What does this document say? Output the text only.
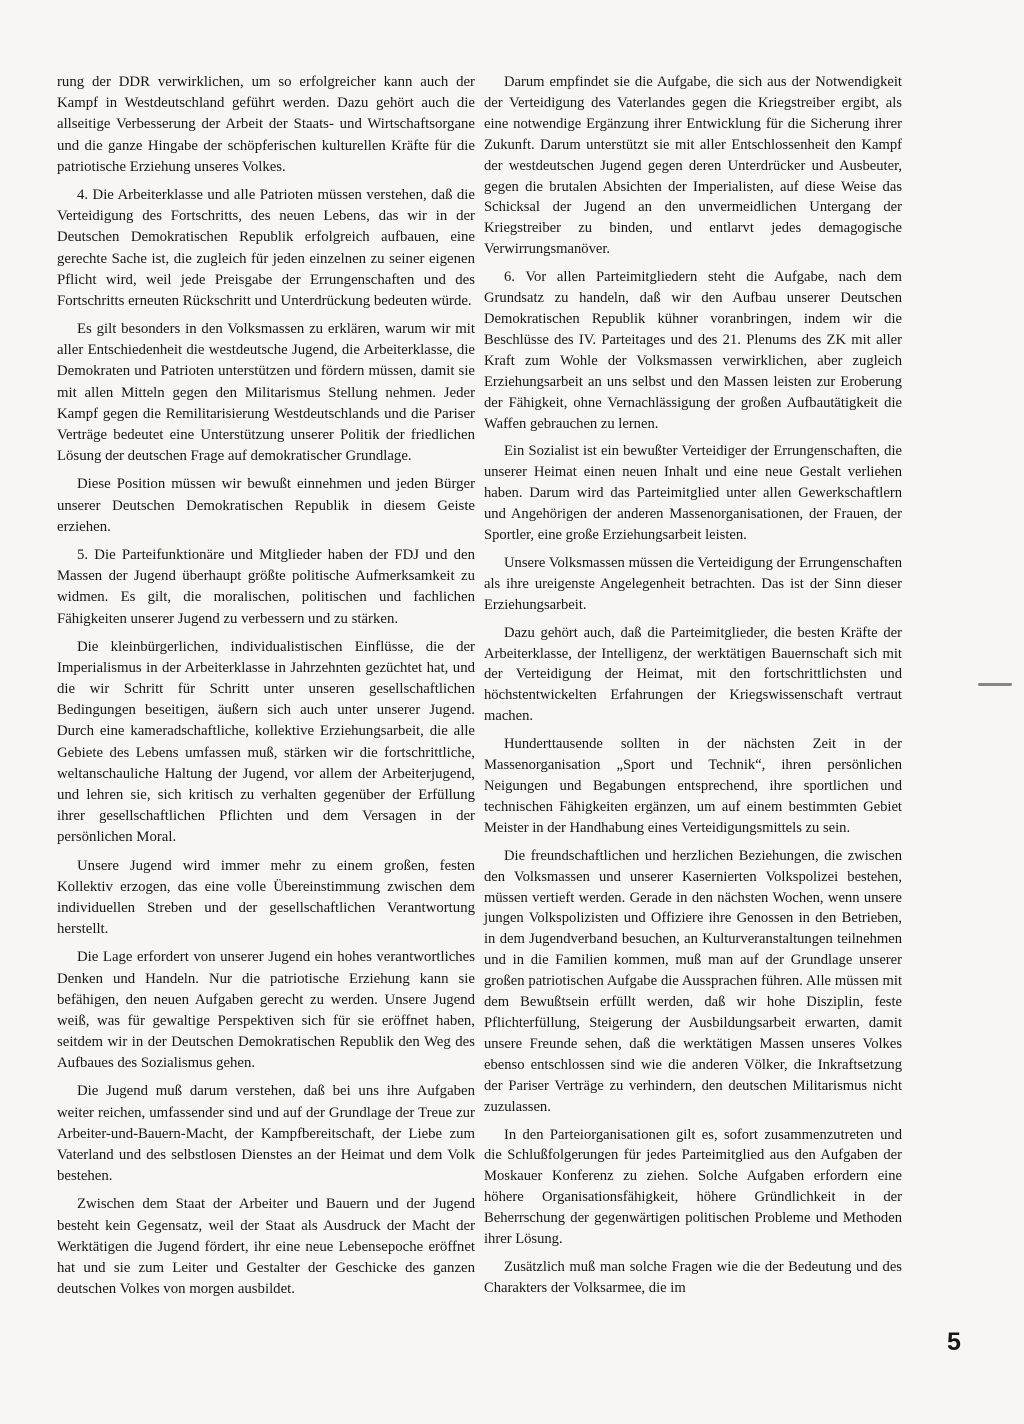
rung der DDR verwirklichen, um so erfolgreicher kann auch der Kampf in Westdeutschland geführt werden. Dazu gehört auch die allseitige Verbesserung der Arbeit der Staats- und Wirtschaftsorgane und die ganze Hingabe der schöpferischen kulturellen Kräfte für die patriotische Erziehung unseres Volkes.

4. Die Arbeiterklasse und alle Patrioten müssen verstehen, daß die Verteidigung des Fortschritts, des neuen Lebens, das wir in der Deutschen Demokratischen Republik erfolgreich aufbauen, eine gerechte Sache ist, die zugleich für jeden einzelnen zu seiner eigenen Pflicht wird, weil jede Preisgabe der Errungenschaften und des Fortschritts erneuten Rückschritt und Unterdrückung bedeuten würde.

Es gilt besonders in den Volksmassen zu erklären, warum wir mit aller Entschiedenheit die westdeutsche Jugend, die Arbeiterklasse, die Demokraten und Patrioten unterstützen und fördern müssen, damit sie mit allen Mitteln gegen den Militarismus Stellung nehmen. Jeder Kampf gegen die Remilitarisierung Westdeutschlands und die Pariser Verträge bedeutet eine Unterstützung unserer Politik der friedlichen Lösung der deutschen Frage auf demokratischer Grundlage.

Diese Position müssen wir bewußt einnehmen und jeden Bürger unserer Deutschen Demokratischen Republik in diesem Geiste erziehen.

5. Die Parteifunktionäre und Mitglieder haben der FDJ und den Massen der Jugend überhaupt größte politische Aufmerksamkeit zu widmen. Es gilt, die moralischen, politischen und fachlichen Fähigkeiten unserer Jugend zu verbessern und zu stärken.

Die kleinbürgerlichen, individualistischen Einflüsse, die der Imperialismus in der Arbeiterklasse in Jahrzehnten gezüchtet hat, und die wir Schritt für Schritt unter unseren gesellschaftlichen Bedingungen beseitigen, äußern sich auch unter unserer Jugend. Durch eine kameradschaftliche, kollektive Erziehungsarbeit, die alle Gebiete des Lebens umfassen muß, stärken wir die fortschrittliche, weltanschauliche Haltung der Jugend, vor allem der Arbeiterjugend, und lehren sie, sich kritisch zu verhalten gegenüber der Erfüllung ihrer gesellschaftlichen Pflichten und dem Versagen in der persönlichen Moral.

Unsere Jugend wird immer mehr zu einem großen, festen Kollektiv erzogen, das eine volle Übereinstimmung zwischen dem individuellen Streben und der gesellschaftlichen Verantwortung herstellt.

Die Lage erfordert von unserer Jugend ein hohes verantwortliches Denken und Handeln. Nur die patriotische Erziehung kann sie befähigen, den neuen Aufgaben gerecht zu werden. Unsere Jugend weiß, was für gewaltige Perspektiven sich für sie eröffnet haben, seitdem wir in der Deutschen Demokratischen Republik den Weg des Aufbaues des Sozialismus gehen.

Die Jugend muß darum verstehen, daß bei uns ihre Aufgaben weiter reichen, umfassender sind und auf der Grundlage der Treue zur Arbeiter-und-Bauern-Macht, der Kampfbereitschaft, der Liebe zum Vaterland und des selbstlosen Dienstes an der Heimat und dem Volk bestehen.

Zwischen dem Staat der Arbeiter und Bauern und der Jugend besteht kein Gegensatz, weil der Staat als Ausdruck der Macht der Werktätigen die Jugend fördert, ihr eine neue Lebensepoche eröffnet hat und sie zum Leiter und Gestalter der Geschicke des ganzen deutschen Volkes von morgen ausbildet.

Darum empfindet sie die Aufgabe, die sich aus der Notwendigkeit der Verteidigung des Vaterlandes gegen die Kriegstreiber ergibt, als eine notwendige Ergänzung ihrer Entwicklung für die Sicherung ihrer Zukunft. Darum unterstützt sie mit aller Entschlossenheit den Kampf der westdeutschen Jugend gegen deren Unterdrücker und Ausbeuter, gegen die brutalen Absichten der Imperialisten, auf diese Weise das Schicksal der Jugend an den unvermeidlichen Untergang der Kriegstreiber zu binden, und entlarvt jedes demagogische Verwirrungsmanöver.

6. Vor allen Parteimitgliedern steht die Aufgabe, nach dem Grundsatz zu handeln, daß wir den Aufbau unserer Deutschen Demokratischen Republik kühner voranbringen, indem wir die Beschlüsse des IV. Parteitages und des 21. Plenums des ZK mit aller Kraft zum Wohle der Volksmassen verwirklichen, aber zugleich Erziehungsarbeit an uns selbst und den Massen leisten zur Eroberung der Fähigkeit, ohne Vernachlässigung der großen Aufbautätigkeit die Waffen gebrauchen zu lernen.

Ein Sozialist ist ein bewußter Verteidiger der Errungenschaften, die unserer Heimat einen neuen Inhalt und eine neue Gestalt verliehen haben. Darum wird das Parteimitglied unter allen Gewerkschaftlern und Angehörigen der anderen Massenorganisationen, der Frauen, der Sportler, eine große Erziehungsarbeit leisten.

Unsere Volksmassen müssen die Verteidigung der Errungenschaften als ihre ureigenste Angelegenheit betrachten. Das ist der Sinn dieser Erziehungsarbeit.

Dazu gehört auch, daß die Parteimitglieder, die besten Kräfte der Arbeiterklasse, der Intelligenz, der werktätigen Bauernschaft sich mit der Verteidigung der Heimat, mit den fortschrittlichsten und höchstentwickelten Erfahrungen der Kriegswissenschaft vertraut machen.

Hunderttausende sollten in der nächsten Zeit in der Massenorganisation „Sport und Technik“, ihren persönlichen Neigungen und Begabungen entsprechend, ihre sportlichen und technischen Fähigkeiten ergänzen, um auf einem bestimmten Gebiet Meister in der Handhabung eines Verteidigungsmittels zu sein.

Die freundschaftlichen und herzlichen Beziehungen, die zwischen den Volksmassen und unserer Kasernierten Volkspolizei bestehen, müssen vertieft werden. Gerade in den nächsten Wochen, wenn unsere jungen Volkspolizisten und Offiziere ihre Genossen in den Betrieben, in dem Jugendverband besuchen, an Kulturveranstaltungen teilnehmen und in die Familien kommen, muß man auf der Grundlage unserer großen patriotischen Aufgabe die Aussprachen führen. Alle müssen mit dem Bewußtsein erfüllt werden, daß wir hohe Disziplin, feste Pflichterfüllung, Steigerung der Ausbildungsarbeit erwarten, damit unsere Freunde sehen, daß die werktätigen Massen unseres Volkes ebenso entschlossen sind wie die anderen Völker, die Inkraftsetzung der Pariser Verträge zu verhindern, den deutschen Militarismus nicht zuzulassen.

In den Parteiorganisationen gilt es, sofort zusammenzutreten und die Schlußfolgerungen für jedes Parteimitglied aus den Aufgaben der Moskauer Konferenz zu ziehen. Solche Aufgaben erfordern eine höhere Organisationsfähigkeit, höhere Gründlichkeit in der Beherrschung der gegenwärtigen politischen Probleme und Methoden ihrer Lösung.

Zusätzlich muß man solche Fragen wie die der Bedeutung und des Charakters der Volksarmee, die im

5
